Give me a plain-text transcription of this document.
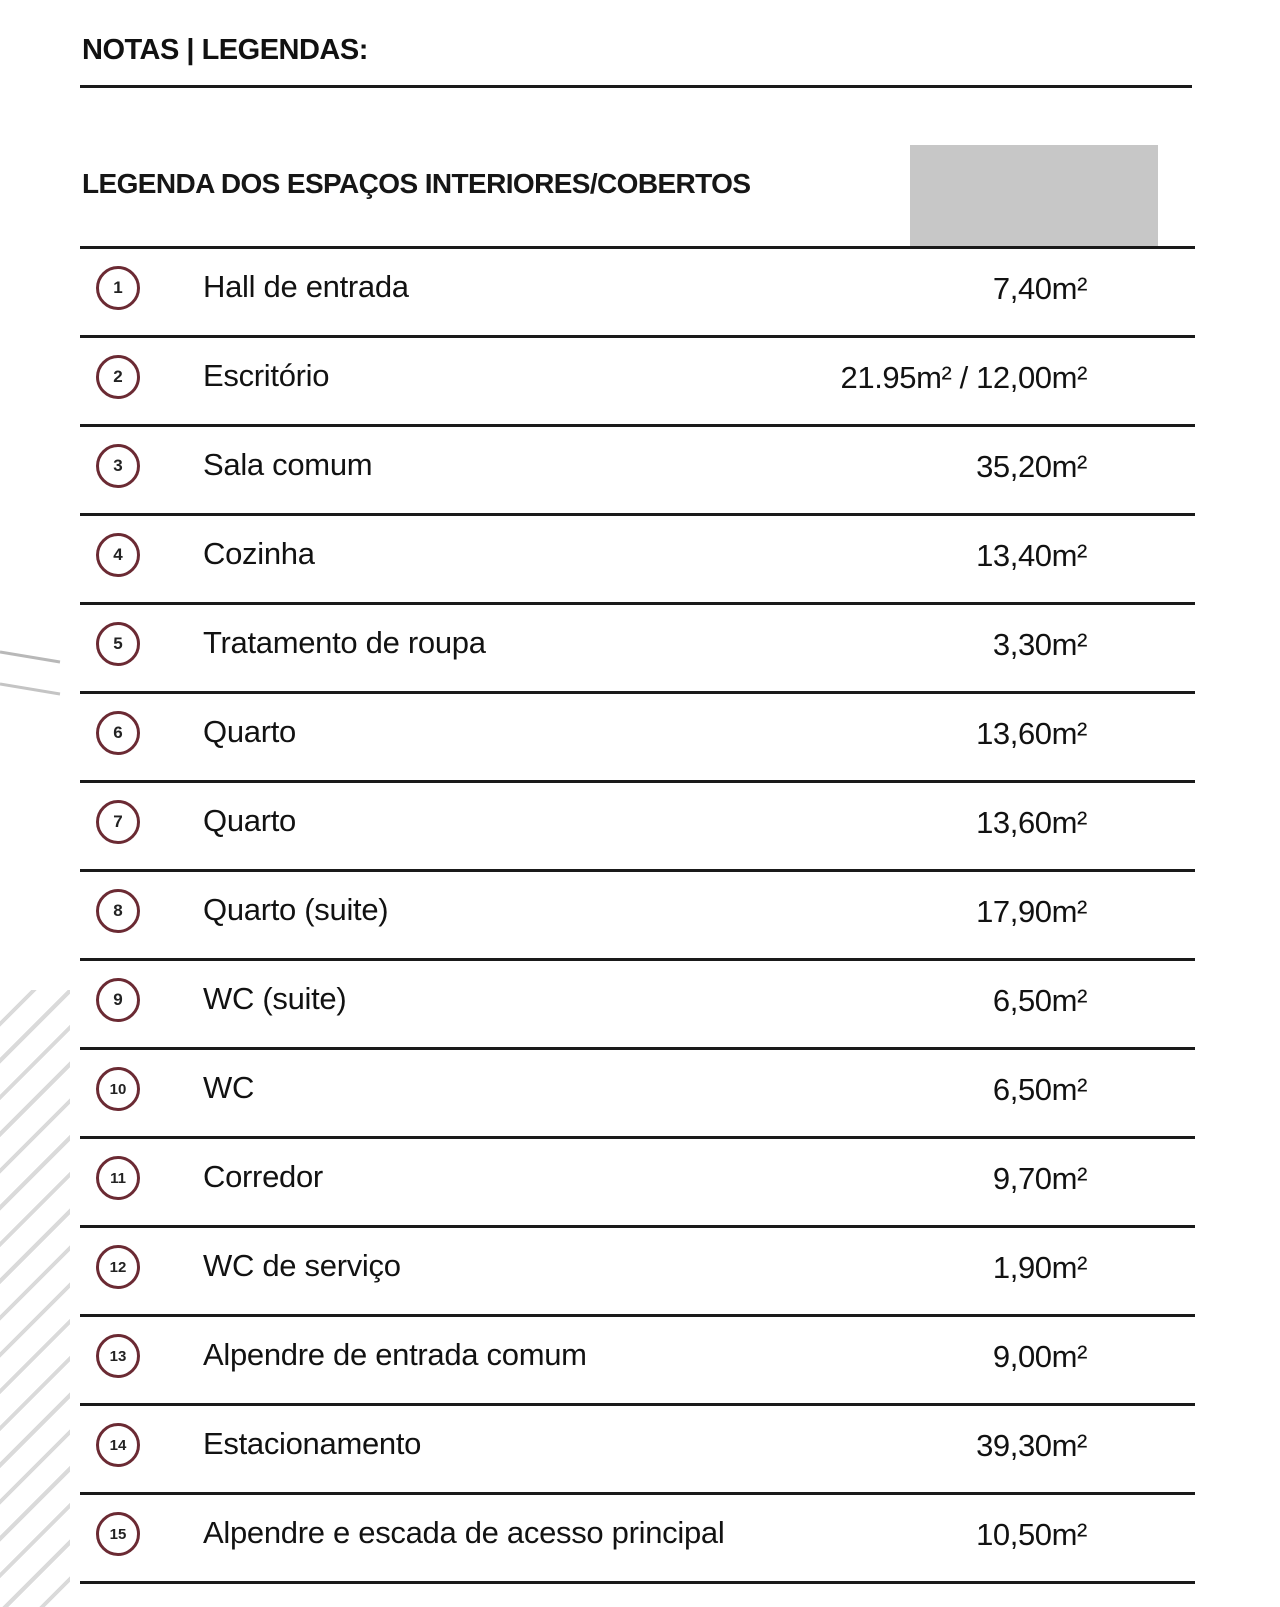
NOTAS | LEGENDAS:
LEGENDA DOS ESPAÇOS INTERIORES/COBERTOS
1	Hall de entrada	7,40m²
2	Escritório	21.95m² / 12,00m²
3	Sala comum	35,20m²
4	Cozinha	13,40m²
5	Tratamento de roupa	3,30m²
6	Quarto	13,60m²
7	Quarto	13,60m²
8	Quarto (suite)	17,90m²
9	WC (suite)	6,50m²
10	WC	6,50m²
11	Corredor	9,70m²
12	WC de serviço	1,90m²
13	Alpendre de entrada comum	9,00m²
14	Estacionamento	39,30m²
15	Alpendre e escada de acesso principal	10,50m²
